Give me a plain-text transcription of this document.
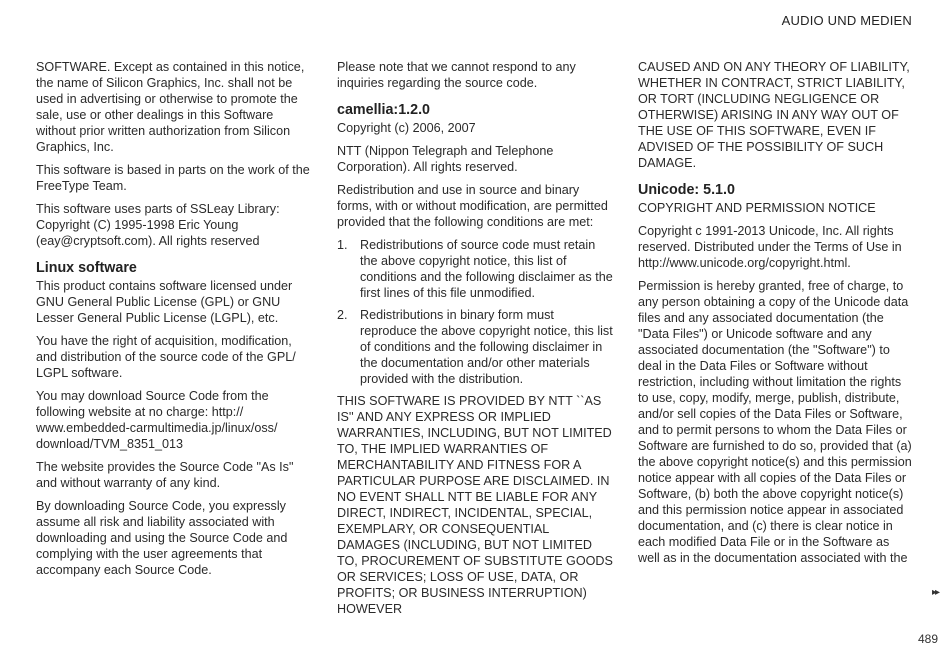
AUDIO UND MEDIEN

SOFTWARE. Except as contained in this notice, the name of Silicon Graphics, Inc. shall not be used in advertising or otherwise to promote the sale, use or other dealings in this Software without prior written authorization from Silicon Graphics, Inc.

This software is based in parts on the work of the FreeType Team.

This software uses parts of SSLeay Library: Copyright (C) 1995-1998 Eric Young (eay@cryptsoft.com). All rights reserved

Linux software

This product contains software licensed under GNU General Public License (GPL) or GNU Lesser General Public License (LGPL), etc.

You have the right of acquisition, modification, and distribution of the source code of the GPL/ LGPL software.

You may download Source Code from the following website at no charge: http:// www.embedded-carmultimedia.jp/linux/oss/ download/TVM_8351_013

The website provides the Source Code "As Is" and without warranty of any kind.

By downloading Source Code, you expressly assume all risk and liability associated with downloading and using the Source Code and complying with the user agreements that accompany each Source Code.

Please note that we cannot respond to any inquiries regarding the source code.

camellia:1.2.0

Copyright (c) 2006, 2007

NTT (Nippon Telegraph and Telephone Corporation). All rights reserved.

Redistribution and use in source and binary forms, with or without modification, are permitted provided that the following conditions are met:

1. Redistributions of source code must retain the above copyright notice, this list of conditions and the following disclaimer as the first lines of this file unmodified.
2. Redistributions in binary form must reproduce the above copyright notice, this list of conditions and the following disclaimer in the documentation and/or other materials provided with the distribution.

THIS SOFTWARE IS PROVIDED BY NTT ``AS IS'' AND ANY EXPRESS OR IMPLIED WARRANTIES, INCLUDING, BUT NOT LIMITED TO, THE IMPLIED WARRANTIES OF MERCHANTABILITY AND FITNESS FOR A PARTICULAR PURPOSE ARE DISCLAIMED. IN NO EVENT SHALL NTT BE LIABLE FOR ANY DIRECT, INDIRECT, INCIDENTAL, SPECIAL, EXEMPLARY, OR CONSEQUENTIAL DAMAGES (INCLUDING, BUT NOT LIMITED TO, PROCUREMENT OF SUBSTITUTE GOODS OR SERVICES; LOSS OF USE, DATA, OR PROFITS; OR BUSINESS INTERRUPTION) HOWEVER

CAUSED AND ON ANY THEORY OF LIABILITY, WHETHER IN CONTRACT, STRICT LIABILITY, OR TORT (INCLUDING NEGLIGENCE OR OTHERWISE) ARISING IN ANY WAY OUT OF THE USE OF THIS SOFTWARE, EVEN IF ADVISED OF THE POSSIBILITY OF SUCH DAMAGE.

Unicode: 5.1.0

COPYRIGHT AND PERMISSION NOTICE

Copyright c 1991-2013 Unicode, Inc. All rights reserved. Distributed under the Terms of Use in http://www.unicode.org/copyright.html.

Permission is hereby granted, free of charge, to any person obtaining a copy of the Unicode data files and any associated documentation (the "Data Files") or Unicode software and any associated documentation (the "Software") to deal in the Data Files or Software without restriction, including without limitation the rights to use, copy, modify, merge, publish, distribute, and/or sell copies of the Data Files or Software, and to permit persons to whom the Data Files or Software are furnished to do so, provided that (a) the above copyright notice(s) and this permission notice appear with all copies of the Data Files or Software, (b) both the above copyright notice(s) and this permission notice appear in associated documentation, and (c) there is clear notice in each modified Data File or in the Software as well as in the documentation associated with the

▸▸
489
